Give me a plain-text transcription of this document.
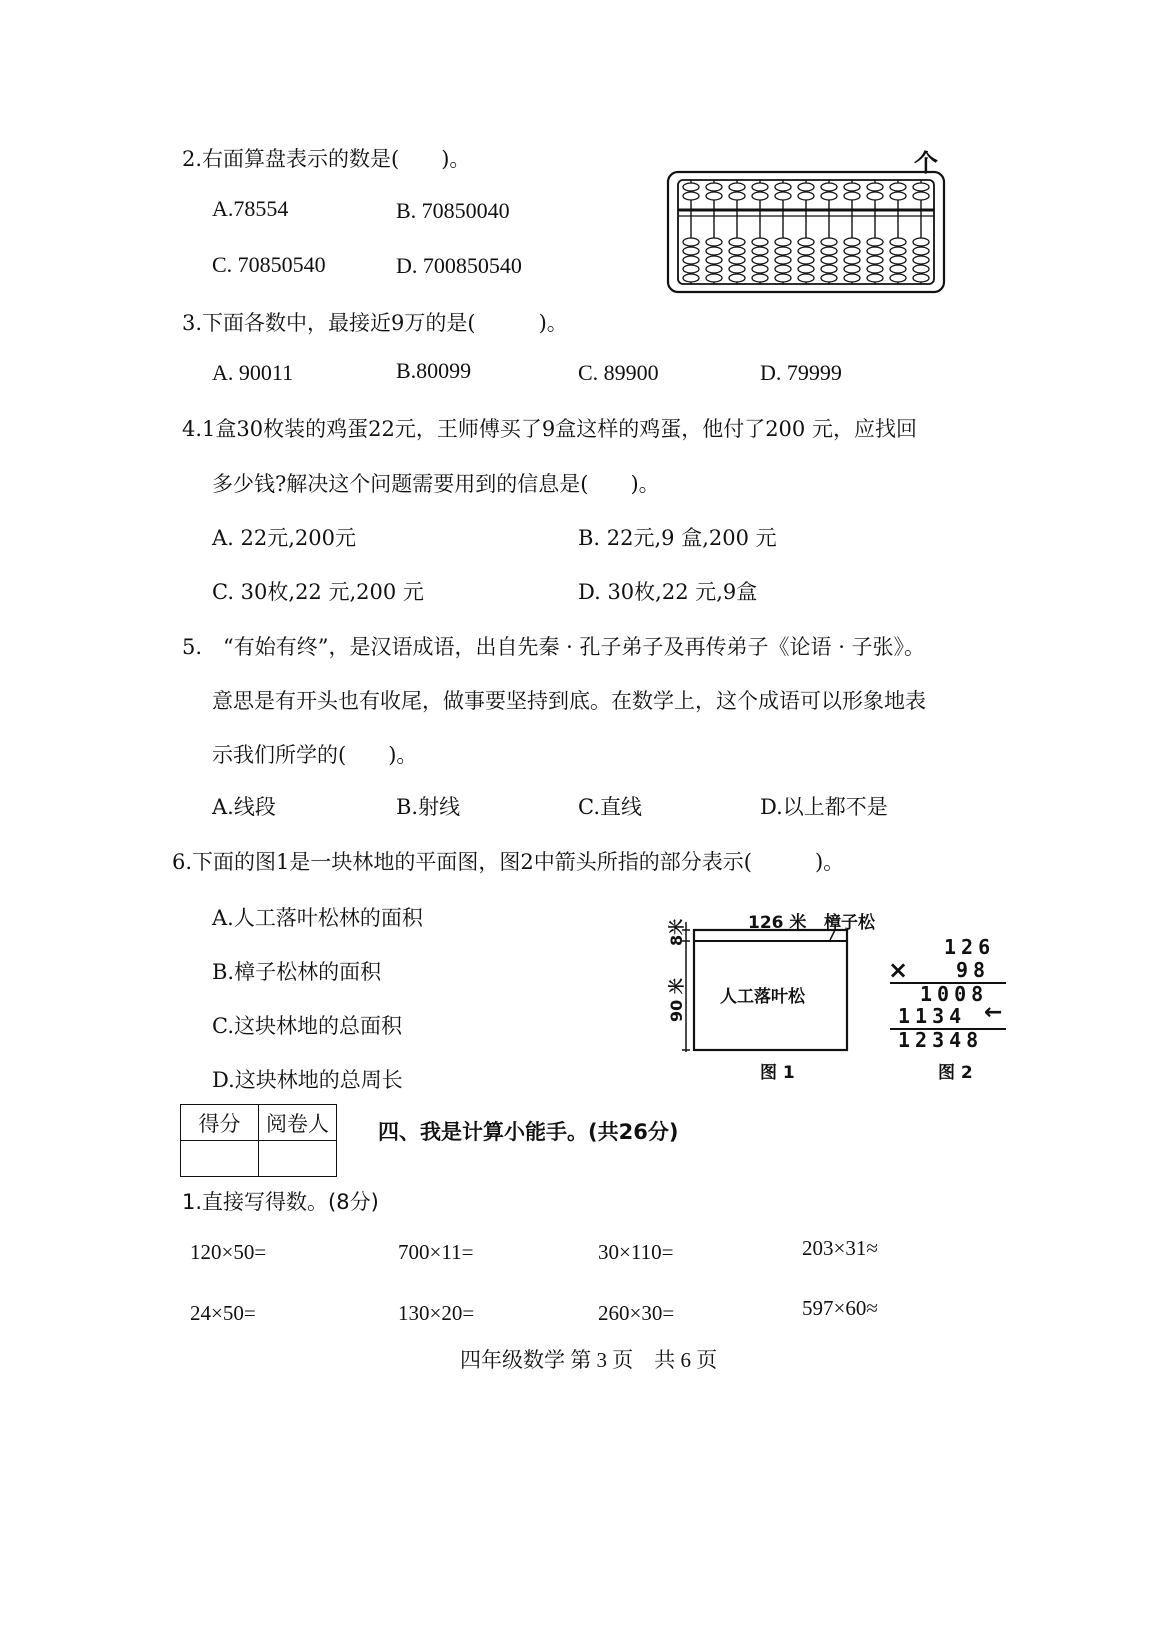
2.右面算盘表示的数是(　　)。
A.78554	B. 70850040
C. 70850540	D. 700850540
个
3.下面各数中，最接近9万的是(　　　)。
A. 90011	B.80099	C. 89900	D. 79999
4.1盒30枚装的鸡蛋22元，王师傅买了9盒这样的鸡蛋，他付了200 元，应找回
多少钱?解决这个问题需要用到的信息是(　　)。
A. 22元,200元	B. 22元,9 盒,200 元
C. 30枚,22 元,200 元	D. 30枚,22 元,9盒
5.　“有始有终”，是汉语成语，出自先秦 · 孔子弟子及再传弟子《论语 · 子张》。
意思是有开头也有收尾，做事要坚持到底。在数学上，这个成语可以形象地表
示我们所学的(　　)。
A.线段	B.射线	C.直线	D.以上都不是
6.下面的图1是一块林地的平面图，图2中箭头所指的部分表示(　　　)。
A.人工落叶松林的面积
B.樟子松林的面积
C.这块林地的总面积
D.这块林地的总周长
126 米 樟子松
8米
90 米 人工落叶松
图 1
126
× 98
1008
1134 ←
12348
图 2
得分	阅卷人
	四、我是计算小能手。(共26分)
1.直接写得数。(8分)
120×50=	700×11=	30×110=	203×31≈
24×50=	130×20=	260×30=	597×60≈
四年级数学 第 3 页　共 6 页
